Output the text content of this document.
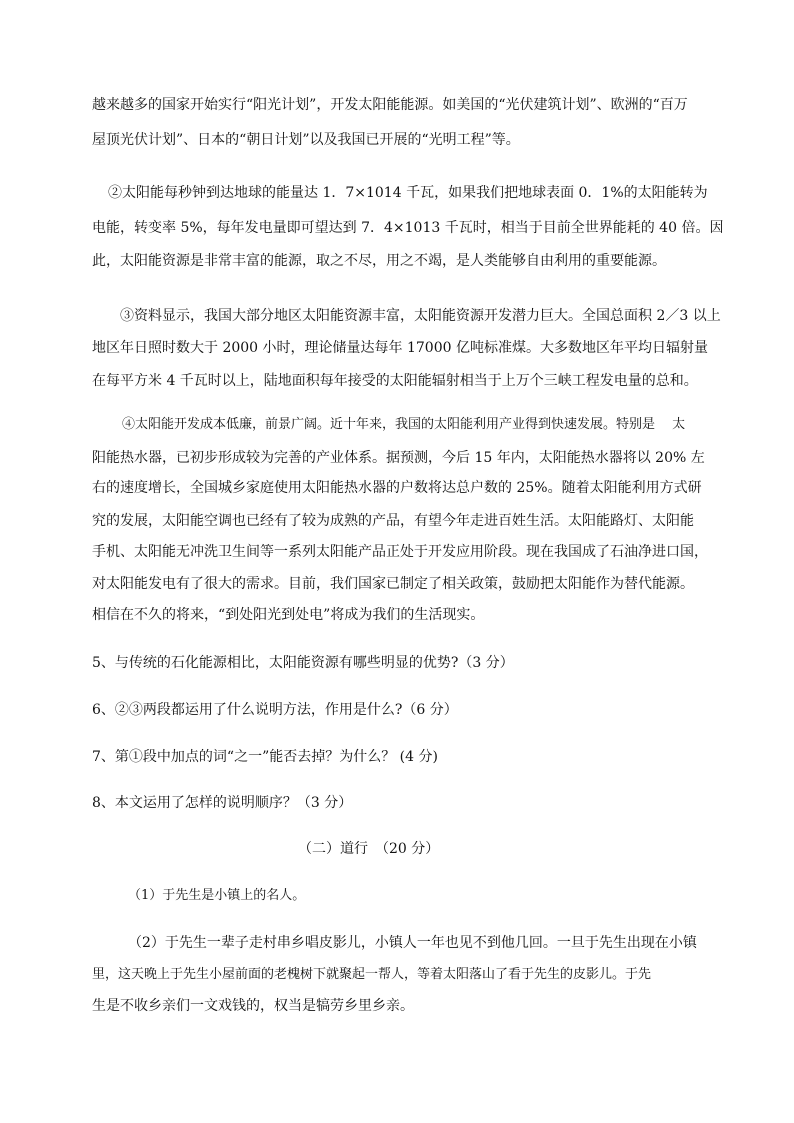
越来越多的国家开始实行“阳光计划”，开发太阳能能源。如美国的“光伏建筑计划”、欧洲的“百万
屋顶光伏计划”、日本的“朝日计划”以及我国已开展的“光明工程”等。
②太阳能每秒钟到达地球的能量达 1．7×1014 千瓦，如果我们把地球表面 0．1%的太阳能转为
电能，转变率 5%，每年发电量即可望达到 7．4×1013 千瓦时，相当于目前全世界能耗的 40 倍。因
此，太阳能资源是非常丰富的能源，取之不尽，用之不竭，是人类能够自由利用的重要能源。
③资料显示，我国大部分地区太阳能资源丰富，太阳能资源开发潜力巨大。全国总面积 2／3 以上
地区年日照时数大于 2000 小时，理论储量达每年 17000 亿吨标准煤。大多数地区年平均日辐射量
在每平方米 4 千瓦时以上，陆地面积每年接受的太阳能辐射相当于上万个三峡工程发电量的总和。
④太阳能开发成本低廉，前景广阔。近十年来，我国的太阳能利用产业得到快速发展。特别是　 太
阳能热水器，已初步形成较为完善的产业体系。据预测，今后 15 年内，太阳能热水器将以 20% 左
右的速度增长，全国城乡家庭使用太阳能热水器的户数将达总户数的 25%。随着太阳能利用方式研
究的发展，太阳能空调也已经有了较为成熟的产品，有望今年走进百姓生活。太阳能路灯、太阳能
手机、太阳能无冲洗卫生间等一系列太阳能产品正处于开发应用阶段。现在我国成了石油净进口国，
对太阳能发电有了很大的需求。目前，我们国家已制定了相关政策，鼓励把太阳能作为替代能源。
相信在不久的将来，“到处阳光到处电”将成为我们的生活现实。
5、与传统的石化能源相比，太阳能资源有哪些明显的优势?（3 分）
6、②③两段都运用了什么说明方法，作用是什么?（6 分）
7、第①段中加点的词“之一”能否去掉？为什么？ (4 分)
8、本文运用了怎样的说明顺序？（3 分）
（二）道行　（20 分）
（1）于先生是小镇上的名人。
（2）于先生一辈子走村串乡唱皮影儿，小镇人一年也见不到他几回。一旦于先生出现在小镇
里，这天晚上于先生小屋前面的老槐树下就聚起一帮人，等着太阳落山了看于先生的皮影儿。于先
生是不收乡亲们一文戏钱的，权当是犒劳乡里乡亲。
